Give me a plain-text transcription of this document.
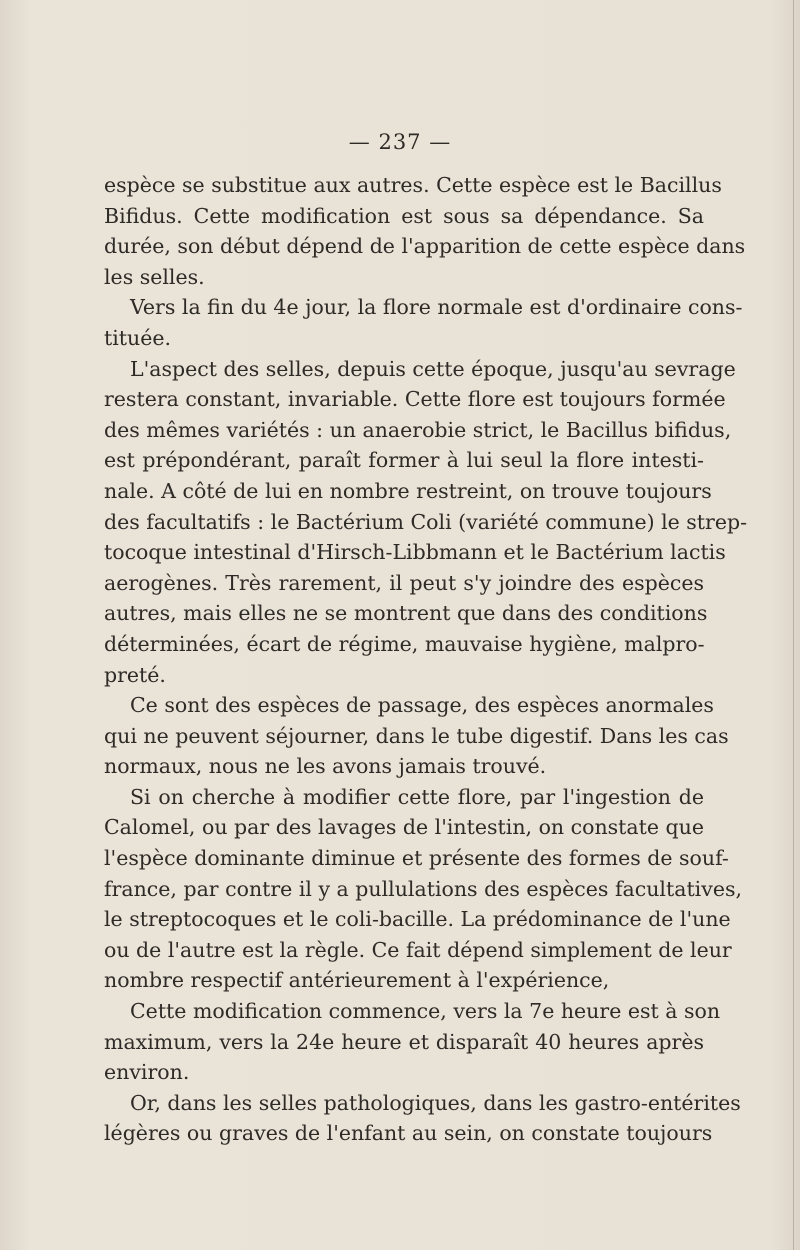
— 237 —
espèce se substitue aux autres. Cette espèce est le Bacillus
Bifidus. Cette modification est sous sa dépendance. Sa
durée, son début dépend de l'apparition de cette espèce dans
les selles.
Vers la fin du 4e jour, la flore normale est d'ordinaire cons-
tituée.
L'aspect des selles, depuis cette époque, jusqu'au sevrage
restera constant, invariable. Cette flore est toujours formée
des mêmes variétés : un anaerobie strict, le Bacillus bifidus,
est prépondérant, paraît former à lui seul la flore intesti-
nale. A côté de lui en nombre restreint, on trouve toujours
des facultatifs : le Bactérium Coli (variété commune) le strep-
tocoque intestinal d'Hirsch-Libbmann et le Bactérium lactis
aerogènes. Très rarement, il peut s'y joindre des espèces
autres, mais elles ne se montrent que dans des conditions
déterminées, écart de régime, mauvaise hygiène, malpro-
preté.
Ce sont des espèces de passage, des espèces anormales
qui ne peuvent séjourner, dans le tube digestif. Dans les cas
normaux, nous ne les avons jamais trouvé.
Si on cherche à modifier cette flore, par l'ingestion de
Calomel, ou par des lavages de l'intestin, on constate que
l'espèce dominante diminue et présente des formes de souf-
france, par contre il y a pullulations des espèces facultatives,
le streptocoques et le coli-bacille. La prédominance de l'une
ou de l'autre est la règle. Ce fait dépend simplement de leur
nombre respectif antérieurement à l'expérience,
Cette modification commence, vers la 7e heure est à son
maximum, vers la 24e heure et disparaît 40 heures après
environ.
Or, dans les selles pathologiques, dans les gastro-entérites
légères ou graves de l'enfant au sein, on constate toujours
